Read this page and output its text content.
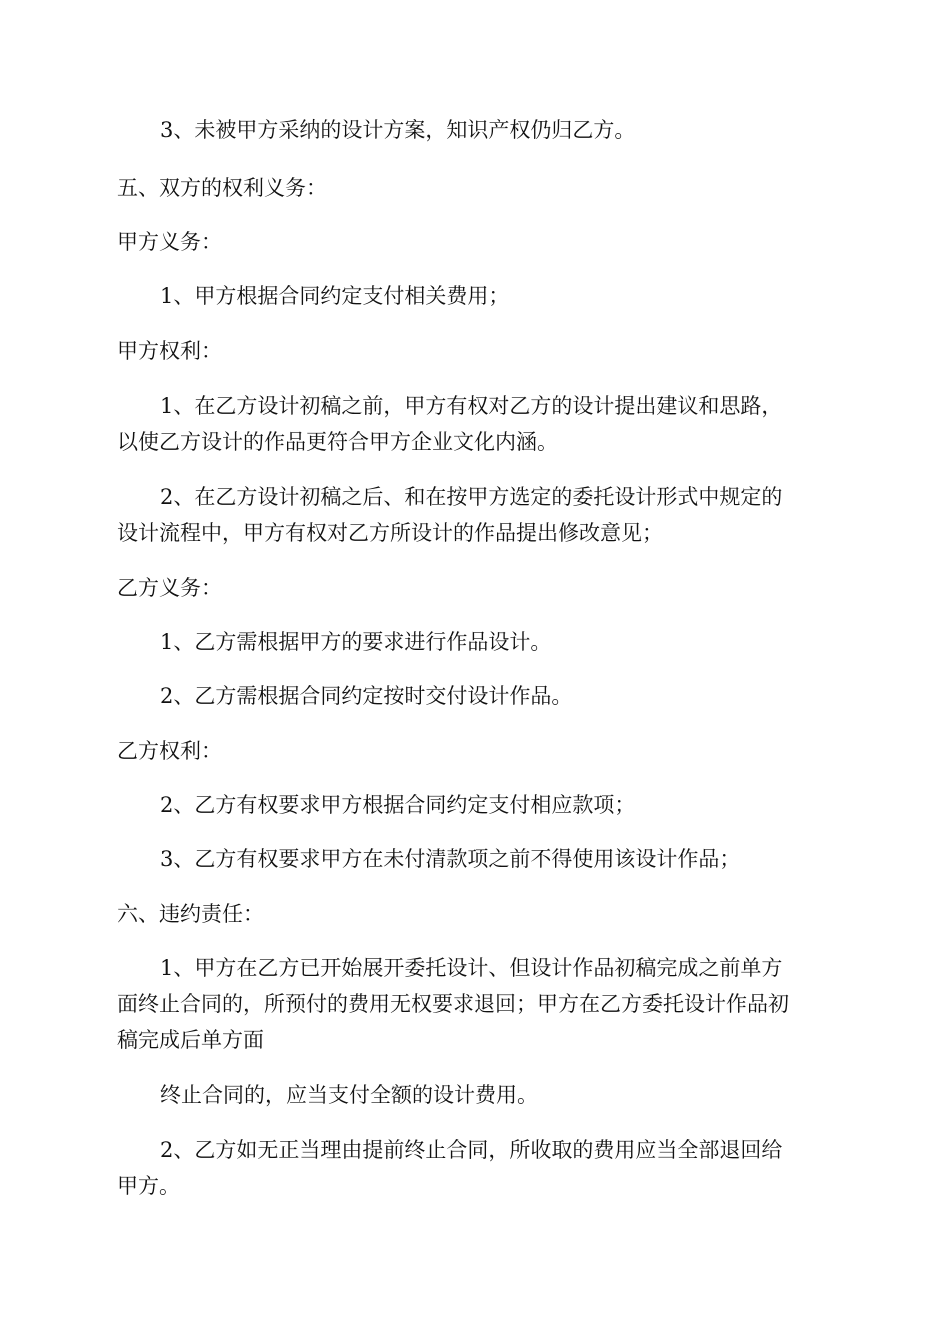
3、未被甲方采纳的设计方案，知识产权仍归乙方。
五、双方的权利义务：
甲方义务：
1、甲方根据合同约定支付相关费用；
甲方权利：
1、在乙方设计初稿之前，甲方有权对乙方的设计提出建议和思路，
以使乙方设计的作品更符合甲方企业文化内涵。
2、在乙方设计初稿之后、和在按甲方选定的委托设计形式中规定的
设计流程中，甲方有权对乙方所设计的作品提出修改意见；
乙方义务：
1、乙方需根据甲方的要求进行作品设计。
2、乙方需根据合同约定按时交付设计作品。
乙方权利：
2、乙方有权要求甲方根据合同约定支付相应款项；
3、乙方有权要求甲方在未付清款项之前不得使用该设计作品；
六、违约责任：
1、甲方在乙方已开始展开委托设计、但设计作品初稿完成之前单方
面终止合同的，所预付的费用无权要求退回；甲方在乙方委托设计作品初
稿完成后单方面
终止合同的，应当支付全额的设计费用。
2、乙方如无正当理由提前终止合同，所收取的费用应当全部退回给
甲方。
